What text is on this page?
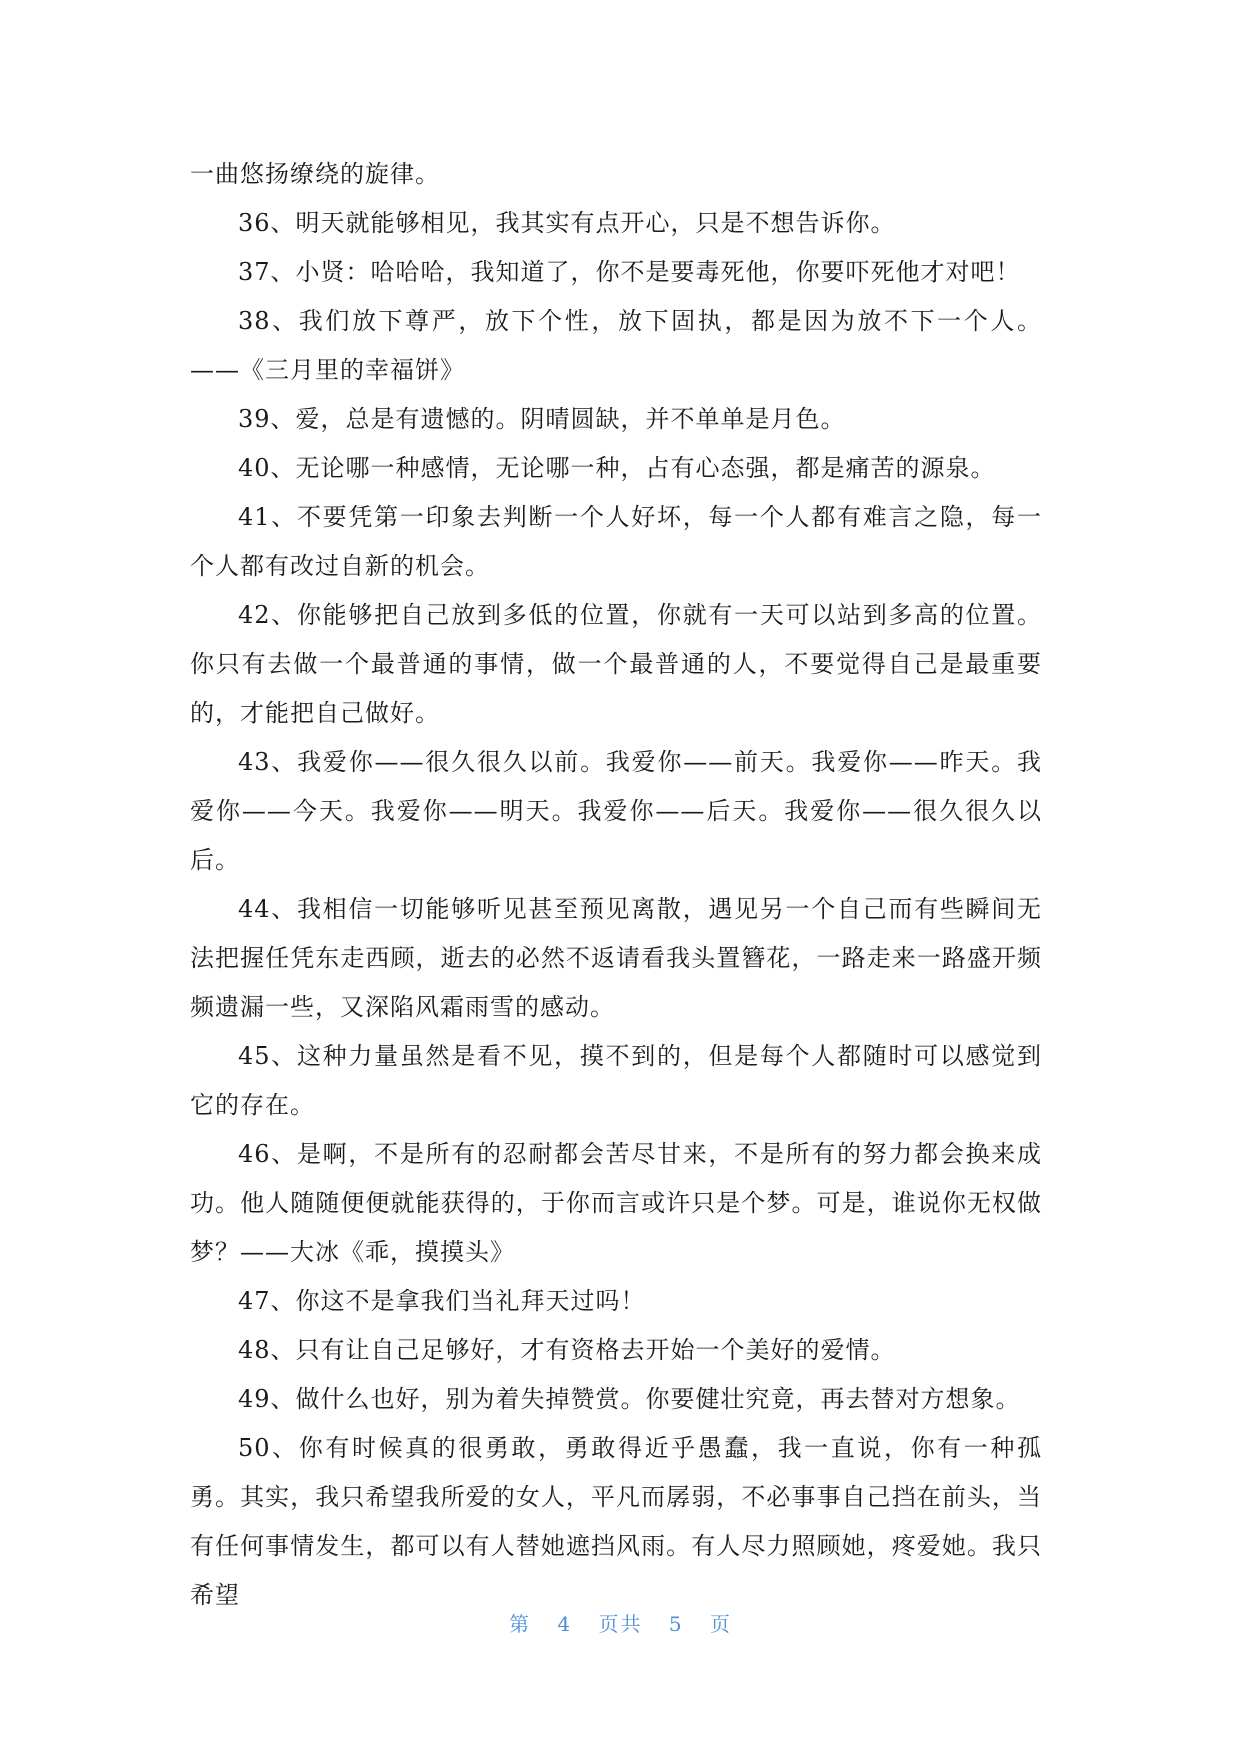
一曲悠扬缭绕的旋律。

36、明天就能够相见，我其实有点开心，只是不想告诉你。

37、小贤：哈哈哈，我知道了，你不是要毒死他，你要吓死他才对吧！

38、我们放下尊严，放下个性，放下固执，都是因为放不下一个人。——《三月里的幸福饼》

39、爱，总是有遗憾的。阴晴圆缺，并不单单是月色。

40、无论哪一种感情，无论哪一种，占有心态强，都是痛苦的源泉。

41、不要凭第一印象去判断一个人好坏，每一个人都有难言之隐，每一个人都有改过自新的机会。

42、你能够把自己放到多低的位置，你就有一天可以站到多高的位置。你只有去做一个最普通的事情，做一个最普通的人，不要觉得自己是最重要的，才能把自己做好。

43、我爱你——很久很久以前。我爱你——前天。我爱你——昨天。我爱你——今天。我爱你——明天。我爱你——后天。我爱你——很久很久以后。

44、我相信一切能够听见甚至预见离散，遇见另一个自己而有些瞬间无法把握任凭东走西顾，逝去的必然不返请看我头置簪花，一路走来一路盛开频频遗漏一些，又深陷风霜雨雪的感动。

45、这种力量虽然是看不见，摸不到的，但是每个人都随时可以感觉到它的存在。

46、是啊，不是所有的忍耐都会苦尽甘来，不是所有的努力都会换来成功。他人随随便便就能获得的，于你而言或许只是个梦。可是，谁说你无权做梦？——大冰《乖，摸摸头》

47、你这不是拿我们当礼拜天过吗！

48、只有让自己足够好，才有资格去开始一个美好的爱情。

49、做什么也好，别为着失掉赞赏。你要健壮究竟，再去替对方想象。

50、你有时候真的很勇敢，勇敢得近乎愚蠢，我一直说，你有一种孤勇。其实，我只希望我所爱的女人，平凡而孱弱，不必事事自己挡在前头，当有任何事情发生，都可以有人替她遮挡风雨。有人尽力照顾她，疼爱她。我只希望

第 4 页共 5 页
